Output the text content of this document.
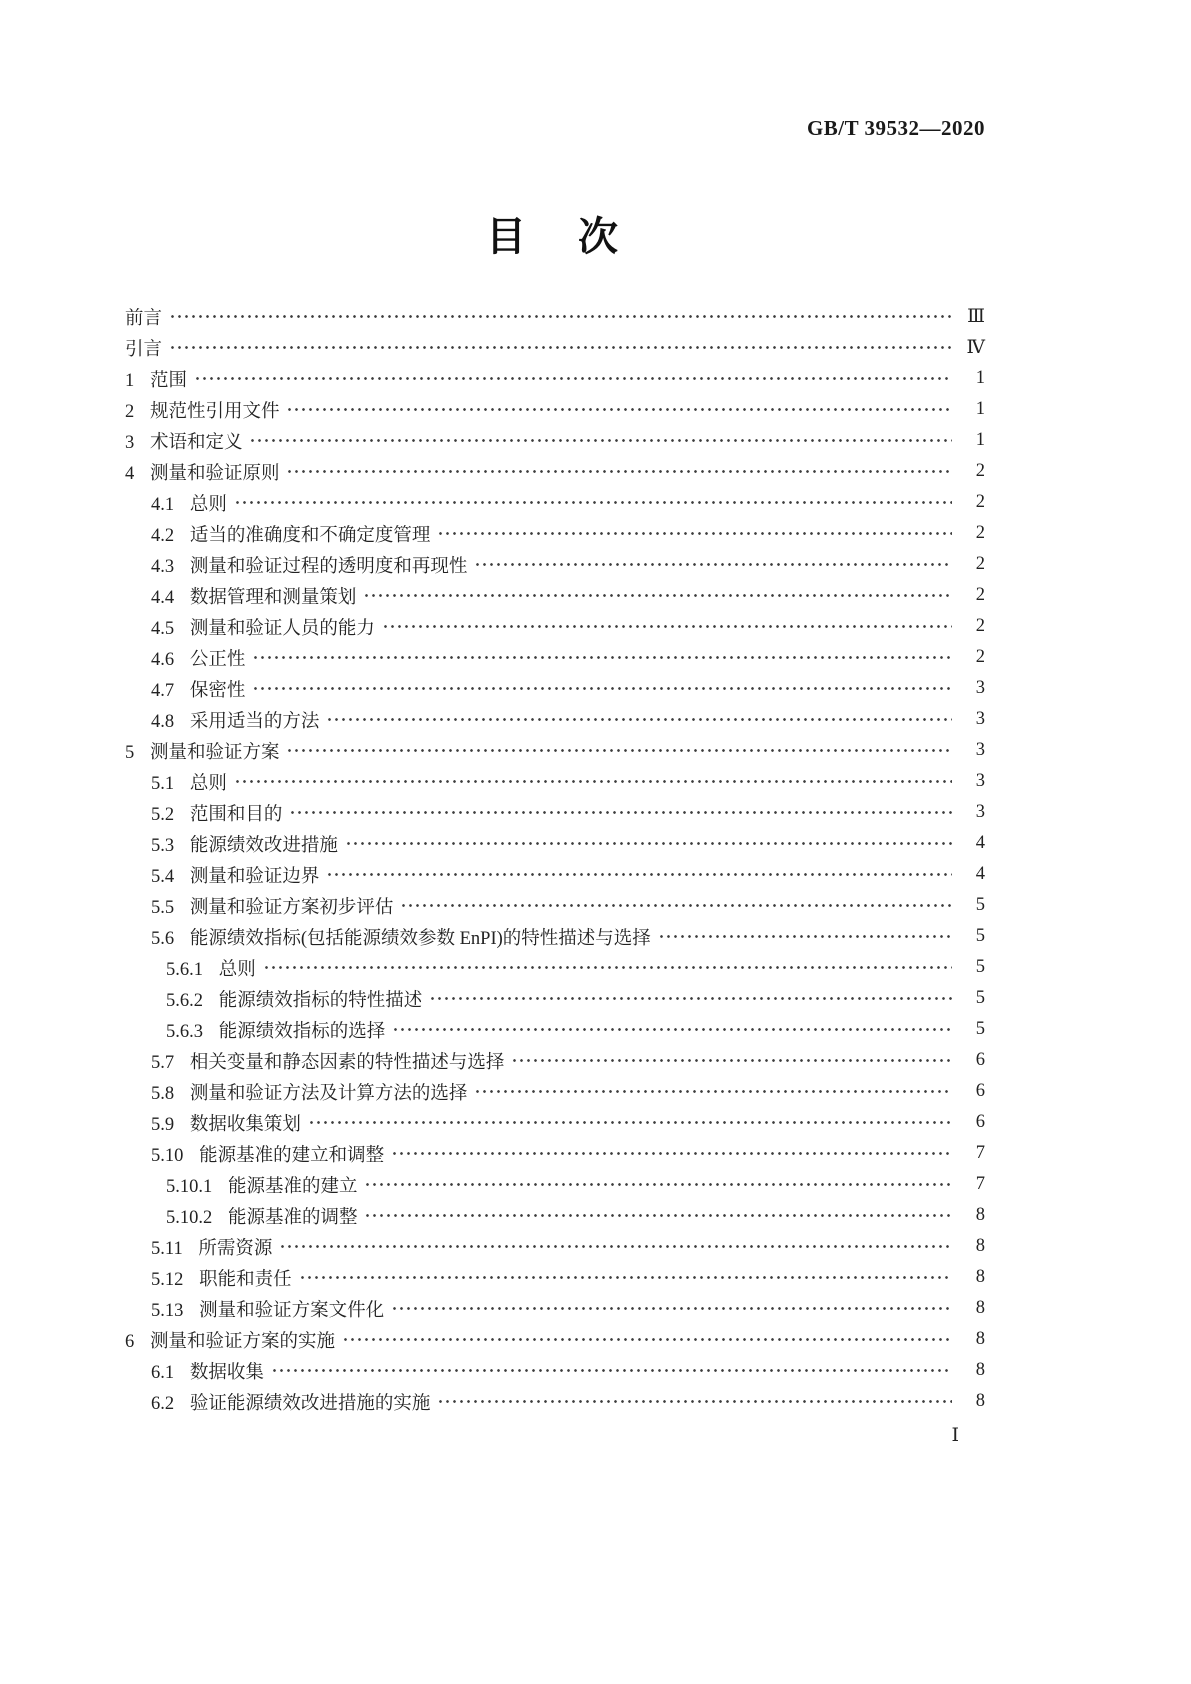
GB/T 39532—2020
目　次
前言	Ⅲ
引言	Ⅳ
1 范围	1
2 规范性引用文件	1
3 术语和定义	1
4 测量和验证原则	2
4.1 总则	2
4.2 适当的准确度和不确定度管理	2
4.3 测量和验证过程的透明度和再现性	2
4.4 数据管理和测量策划	2
4.5 测量和验证人员的能力	2
4.6 公正性	2
4.7 保密性	3
4.8 采用适当的方法	3
5 测量和验证方案	3
5.1 总则	3
5.2 范围和目的	3
5.3 能源绩效改进措施	4
5.4 测量和验证边界	4
5.5 测量和验证方案初步评估	5
5.6 能源绩效指标(包括能源绩效参数 EnPI)的特性描述与选择	5
5.6.1 总则	5
5.6.2 能源绩效指标的特性描述	5
5.6.3 能源绩效指标的选择	5
5.7 相关变量和静态因素的特性描述与选择	6
5.8 测量和验证方法及计算方法的选择	6
5.9 数据收集策划	6
5.10 能源基准的建立和调整	7
5.10.1 能源基准的建立	7
5.10.2 能源基准的调整	8
5.11 所需资源	8
5.12 职能和责任	8
5.13 测量和验证方案文件化	8
6 测量和验证方案的实施	8
6.1 数据收集	8
6.2 验证能源绩效改进措施的实施	8
Ⅰ
